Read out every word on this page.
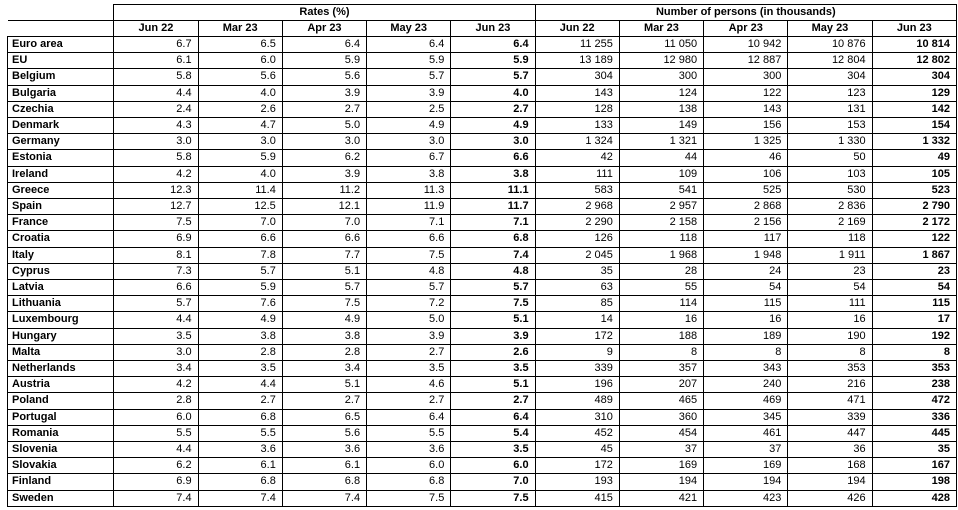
	Rates (%)					Number of persons (in thousands)				
	Jun 22	Mar 23	Apr 23	May 23	Jun 23	Jun 22	Mar 23	Apr 23	May 23	Jun 23
Euro area	6.7	6.5	6.4	6.4	6.4	11 255	11 050	10 942	10 876	10 814
EU	6.1	6.0	5.9	5.9	5.9	13 189	12 980	12 887	12 804	12 802
Belgium	5.8	5.6	5.6	5.7	5.7	304	300	300	304	304
Bulgaria	4.4	4.0	3.9	3.9	4.0	143	124	122	123	129
Czechia	2.4	2.6	2.7	2.5	2.7	128	138	143	131	142
Denmark	4.3	4.7	5.0	4.9	4.9	133	149	156	153	154
Germany	3.0	3.0	3.0	3.0	3.0	1 324	1 321	1 325	1 330	1 332
Estonia	5.8	5.9	6.2	6.7	6.6	42	44	46	50	49
Ireland	4.2	4.0	3.9	3.8	3.8	111	109	106	103	105
Greece	12.3	11.4	11.2	11.3	11.1	583	541	525	530	523
Spain	12.7	12.5	12.1	11.9	11.7	2 968	2 957	2 868	2 836	2 790
France	7.5	7.0	7.0	7.1	7.1	2 290	2 158	2 156	2 169	2 172
Croatia	6.9	6.6	6.6	6.6	6.8	126	118	117	118	122
Italy	8.1	7.8	7.7	7.5	7.4	2 045	1 968	1 948	1 911	1 867
Cyprus	7.3	5.7	5.1	4.8	4.8	35	28	24	23	23
Latvia	6.6	5.9	5.7	5.7	5.7	63	55	54	54	54
Lithuania	5.7	7.6	7.5	7.2	7.5	85	114	115	111	115
Luxembourg	4.4	4.9	4.9	5.0	5.1	14	16	16	16	17
Hungary	3.5	3.8	3.8	3.9	3.9	172	188	189	190	192
Malta	3.0	2.8	2.8	2.7	2.6	9	8	8	8	8
Netherlands	3.4	3.5	3.4	3.5	3.5	339	357	343	353	353
Austria	4.2	4.4	5.1	4.6	5.1	196	207	240	216	238
Poland	2.8	2.7	2.7	2.7	2.7	489	465	469	471	472
Portugal	6.0	6.8	6.5	6.4	6.4	310	360	345	339	336
Romania	5.5	5.5	5.6	5.5	5.4	452	454	461	447	445
Slovenia	4.4	3.6	3.6	3.6	3.5	45	37	37	36	35
Slovakia	6.2	6.1	6.1	6.0	6.0	172	169	169	168	167
Finland	6.9	6.8	6.8	6.8	7.0	193	194	194	194	198
Sweden	7.4	7.4	7.4	7.5	7.5	415	421	423	426	428
